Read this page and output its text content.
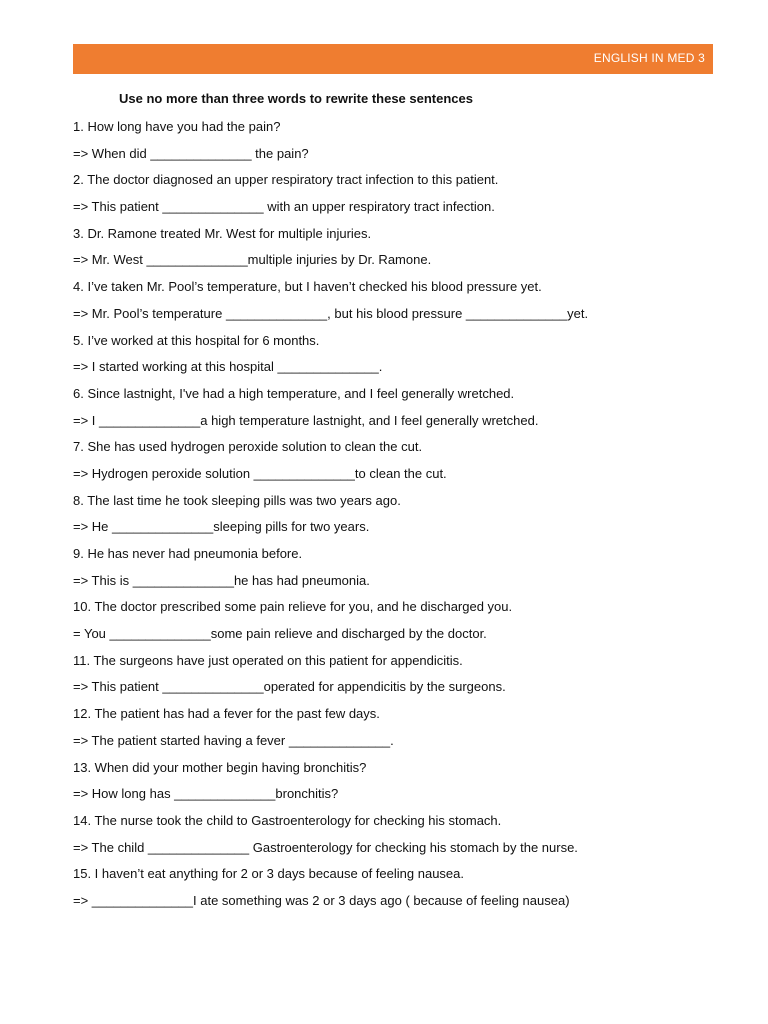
ENGLISH IN MED 3
Use no more than three words to rewrite these sentences
1. How long have you had the pain?
=> When did ______________ the pain?
2. The doctor diagnosed an upper respiratory tract infection to this patient.
=> This patient ______________ with an upper respiratory tract infection.
3. Dr. Ramone treated Mr. West for multiple injuries.
=> Mr. West ______________multiple injuries by Dr. Ramone.
4. I’ve taken Mr. Pool’s temperature, but I haven’t checked his blood pressure yet.
=> Mr. Pool’s temperature ______________, but his blood pressure ______________yet.
5. I’ve worked at this hospital for 6 months.
=> I started working at this hospital ______________.
6. Since lastnight, I've had a high temperature, and I feel generally wretched.
=> I ______________a high temperature lastnight, and I feel generally wretched.
7. She has used hydrogen peroxide solution to clean the cut.
=> Hydrogen peroxide solution ______________to clean the cut.
8. The last time he took sleeping pills was two years ago.
=> He ______________sleeping pills for two years.
9. He has never had pneumonia before.
=> This is ______________he has had pneumonia.
10. The doctor prescribed some pain relieve for you, and he discharged you.
= You ______________some pain relieve and discharged by the doctor.
11. The surgeons have just operated on this patient for appendicitis.
=> This patient ______________operated for appendicitis by the surgeons.
12. The patient has had a fever for the past few days.
=> The patient started having a fever ______________.
13. When did your mother begin having bronchitis?
=> How long has ______________bronchitis?
14. The nurse took the child to Gastroenterology for checking his stomach.
=> The child ______________ Gastroenterology for checking his stomach by the nurse.
15. I haven’t eat anything for 2 or 3 days because of feeling nausea.
=> ______________I ate something was 2 or 3 days ago ( because of feeling nausea)
